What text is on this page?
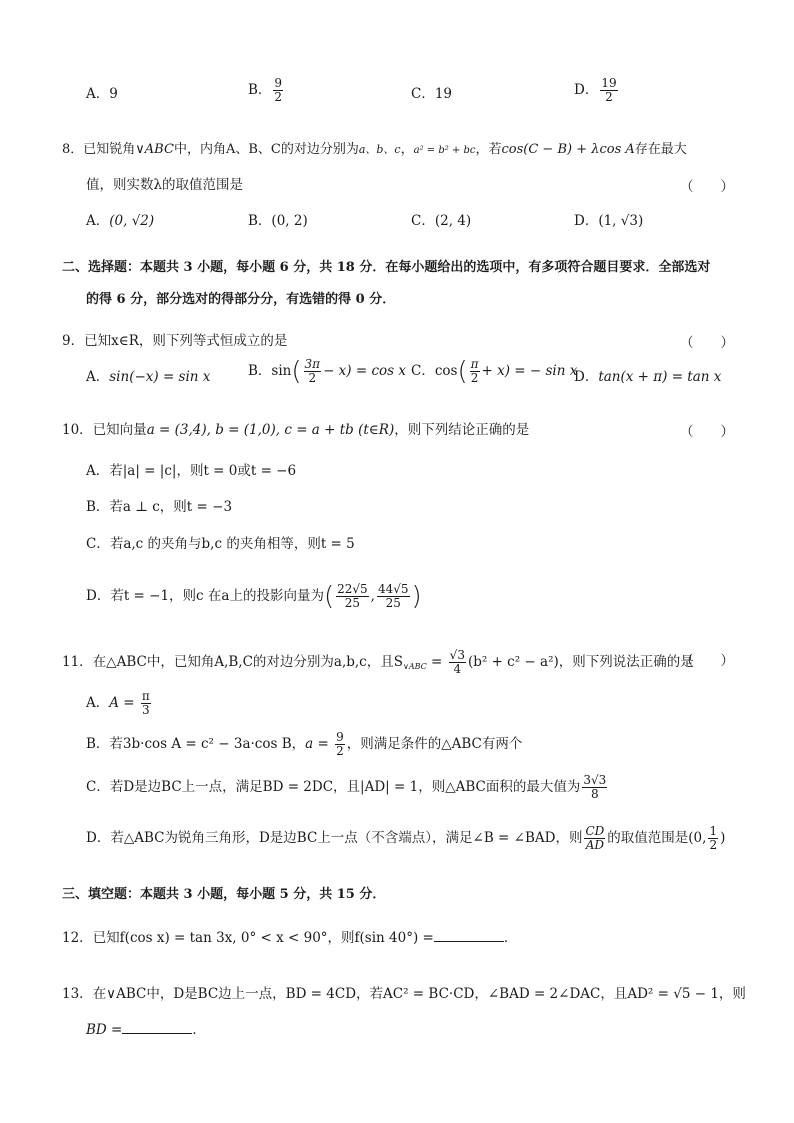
A．9	B． $\frac{9}{2}$	C．19	D． $\frac{19}{2}$
8．已知锐角∨ABC中，内角A、B、C的对边分别为a、b、c，a² = b² + bc，若cos(C − B) + λcos A存在最大
值，则实数λ的取值范围是	（　　）
A．(0, √2)	B．(0, 2)	C．(2, 4)	D．(1, √3)
二、选择题：本题共 3 小题，每小题 6 分，共 18 分．在每小题给出的选项中，有多项符合题目要求．全部选对
的得 6 分，部分选对的得部分分，有选错的得 0 分．
9．已知x∈R，则下列等式恒成立的是	（　　）
A．sin(−x) = sin x	B．$\sin( \frac{3\pi}{2} - x) = \cos x$ C．$\cos( \frac{\pi}{2} + x)$ = − sin x
D．tan(x + π) = tan x
10．已知向量a = (3,4), b = (1,0), c = a + tb (t∈R)，则下列结论正确的是	（　　）
A．若|a| = |c|，则t = 0或t = −6
B．若a ⊥ c，则t = −3
C．若a,c 的夹角与b,c 的夹角相等，则t = 5
D．若t = −1，则c 在a上的投影向量为( $\frac{22√5}{25}$ , $\frac{44√5}{25}$ )
11．在△ABC中，已知角A,B,C的对边分别为a,b,c，且$S_{\vee ABC} = \frac{√3}{4} (b^2 + c^2 - a^2)$，则下列说法正确的是
（　　）
A．$A = \frac{\pi}{3}$
B．若3b·cos A = c² − 3a·cos B，$a = \frac{9}{2}$ ，则满足条件的△ABC有两个
C．若D是边BC上一点，满足BD = 2DC，且|AD| = 1，则△ABC面积的最大值为 $\frac{3√3}{8}$
D．若△ABC为锐角三角形，D是边BC上一点（不含端点），满足∠B = ∠BAD，则 $\frac{CD}{AD}$ 的取值范围是(0, $\frac{1}{2}$ )
三、填空题：本题共 3 小题，每小题 5 分，共 15 分．
12．已知f(cos x) = tan 3x, 0° < x < 90°，则f(sin 40°) =	．
13．在∨ABC中，D是BC边上一点，BD = 4CD，若AC² = BC·CD，∠BAD = 2∠DAC，且AD² = √5 − 1，则
BD =	．
